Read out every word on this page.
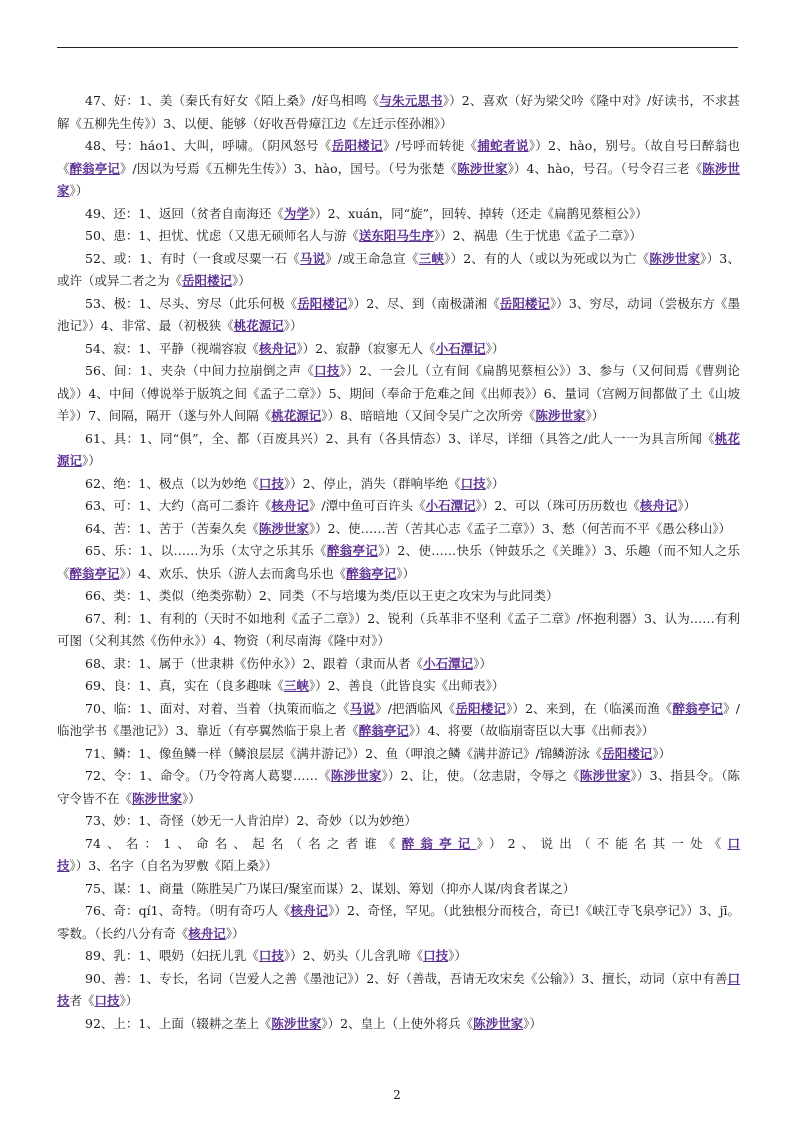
47、好：1、美（秦氏有好女《陌上桑》/好鸟相鸣《与朱元思书》）2、喜欢（好为梁父吟《隆中对》/好读书，不求甚解《五柳先生传》）3、以便、能够（好收吾骨瘴江边《左迁示侄孙湘》）

48、号：háo1、大叫，呼啸。（阴风怒号《岳阳楼记》/号呼而转徙《捕蛇者说》）2、hào，别号。（故自号曰醉翁也《醉翁亭记》/因以为号焉《五柳先生传》）3、hào，国号。（号为张楚《陈涉世家》）4、hào，号召。（号令召三老《陈涉世家》）

49、还：1、返回（贫者自南海还《为学》）2、xuán，同“旋”，回转、掉转（还走《扁鹊见蔡桓公》）

50、患：1、担忧、忧虑（又患无硕师名人与游《送东阳马生序》）2、祸患（生于忧患《孟子二章》）

52、或：1、有时（一食或尽粟一石《马说》/或王命急宣《三峡》）2、有的人（或以为死或以为亡《陈涉世家》）3、或许（或异二者之为《岳阳楼记》）

53、极：1、尽头、穷尽（此乐何极《岳阳楼记》）2、尽、到（南极潇湘《岳阳楼记》）3、穷尽，动词（尝极东方《墨池记》）4、非常、最（初极狭《桃花源记》）

54、寂：1、平静（视端容寂《核舟记》）2、寂静（寂寥无人《小石潭记》）

56、间：1、夹杂（中间力拉崩倒之声《口技》）2、一会儿（立有间《扁鹊见蔡桓公》）3、参与（又何间焉《曹刿论战》）4、中间（傅说举于版筑之间《孟子二章》）5、期间（奉命于危难之间《出师表》）6、量词（宫阙万间都做了土《山坡羊》）7、间隔，隔开（遂与外人间隔《桃花源记》）8、暗暗地（又间令吴广之次所旁《陈涉世家》）

61、具：1、同“俱”，全、都（百废具兴）2、具有（各具情态）3、详尽，详细（具答之/此人一一为具言所闻《桃花源记》）

62、绝：1、极点（以为妙绝《口技》）2、停止，消失（群响毕绝《口技》）

63、可：1、大约（高可二黍许《核舟记》/潭中鱼可百许头《小石潭记》）2、可以（珠可历历数也《核舟记》）

64、苦：1、苦于（苦秦久矣《陈涉世家》）2、使……苦（苦其心志《孟子二章》）3、愁（何苦而不平《愚公移山》）

65、乐：1、以……为乐（太守之乐其乐《醉翁亭记》）2、使……快乐（钟鼓乐之《关雎》）3、乐趣（而不知人之乐《醉翁亭记》）4、欢乐、快乐（游人去而禽鸟乐也《醉翁亭记》）

66、类：1、类似（绝类弥勒）2、同类（不与培塿为类/臣以王吏之攻宋为与此同类）

67、利：1、有利的（天时不如地利《孟子二章》）2、锐利（兵革非不坚利《孟子二章》/怀抱利器）3、认为……有利可图（父利其然《伤仲永》）4、物资（利尽南海《隆中对》）

68、隶：1、属于（世隶耕《伤仲永》）2、跟着（隶而从者《小石潭记》）

69、良：1、真，实在（良多趣味《三峡》）2、善良（此皆良实《出师表》）

70、临：1、面对、对着、当着（执策而临之《马说》/把酒临风《岳阳楼记》）2、来到，在（临溪而渔《醉翁亭记》/临池学书《墨池记》）3、靠近（有亭翼然临于泉上者《醉翁亭记》）4、将要（故临崩寄臣以大事《出师表》）

71、鳞：1、像鱼鳞一样（鳞浪层层《满井游记》）2、鱼（呷浪之鳞《满井游记》/锦鳞游泳《岳阳楼记》）

72、令：1、命令。（乃令符离人葛婴……《陈涉世家》）2、让，使。（忿恚尉，令辱之《陈涉世家》）3、指县令。（陈守令皆不在《陈涉世家》）

73、妙：1、奇怪（妙无一人肯泊岸）2、奇妙（以为妙绝）

74、名：1、命名、起名（名之者谁《醉翁亭记》）2、说出（不能名其一处《口技》）3、名字（自名为罗敷《陌上桑》）

75、谋：1、商量（陈胜吴广乃谋曰/聚室而谋）2、谋划、筹划（抑亦人谋/肉食者谋之）

76、奇：qí1、奇特。（明有奇巧人《核舟记》）2、奇怪，罕见。（此独根分而枝合，奇已!《峡江寺飞泉亭记》）3、jī。零数。（长约八分有奇《核舟记》）

89、乳：1、喂奶（妇抚儿乳《口技》）2、奶头（儿含乳啼《口技》）

90、善：1、专长，名词（岂爱人之善《墨池记》）2、好（善哉，吾请无攻宋矣《公输》）3、擅长，动词（京中有善口技者《口技》）

92、上：1、上面（辍耕之垄上《陈涉世家》）2、皇上（上使外将兵《陈涉世家》）

2
